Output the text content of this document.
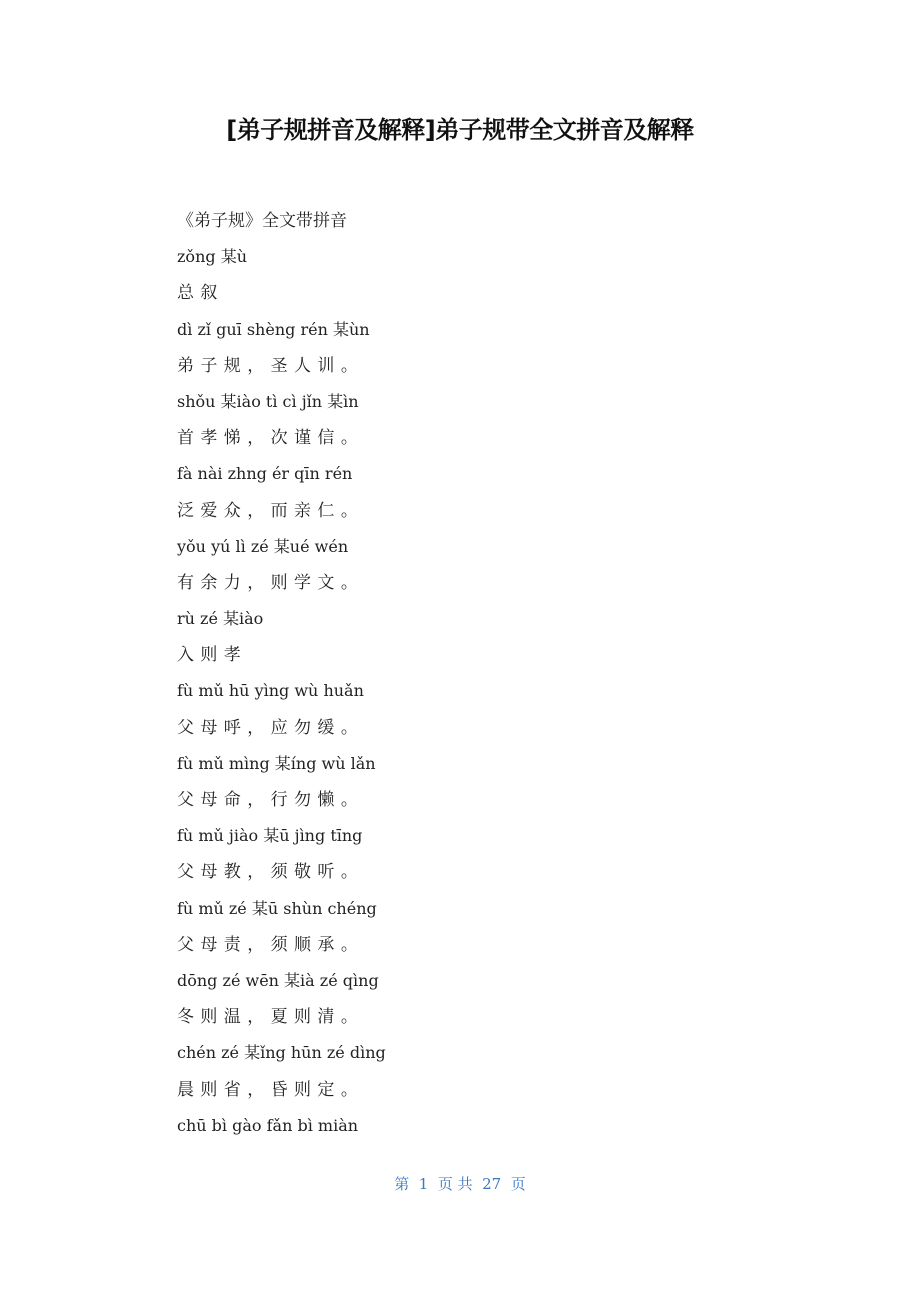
[弟子规拼音及解释]弟子规带全文拼音及解释
《弟子规》全文带拼音
zǒng 某ù
总 叙
dì zǐ guī shèng rén 某ùn
弟 子 规 ， 圣 人 训 。
shǒu 某iào tì cì jǐn 某ìn
首 孝 悌 ， 次 谨 信 。
fà nài zhng ér qīn rén
泛 爱 众 ， 而 亲 仁 。
yǒu yú lì zé 某ué wén
有 余 力 ， 则 学 文 。
rù zé 某iào
入 则 孝
fù mǔ hū yìng wù huǎn
父 母 呼 ， 应 勿 缓 。
fù mǔ mìng 某íng wù lǎn
父 母 命 ， 行 勿 懒 。
fù mǔ jiào 某ū jìng tīng
父 母 教 ， 须 敬 听 。
fù mǔ zé 某ū shùn chéng
父 母 责 ， 须 顺 承 。
dōng zé wēn 某ià zé qìng
冬 则 温 ， 夏 则 清 。
chén zé 某ǐng hūn zé dìng
晨 则 省 ， 昏 则 定 。
chū bì gào fǎn bì miàn
第  1  页 共  27  页
